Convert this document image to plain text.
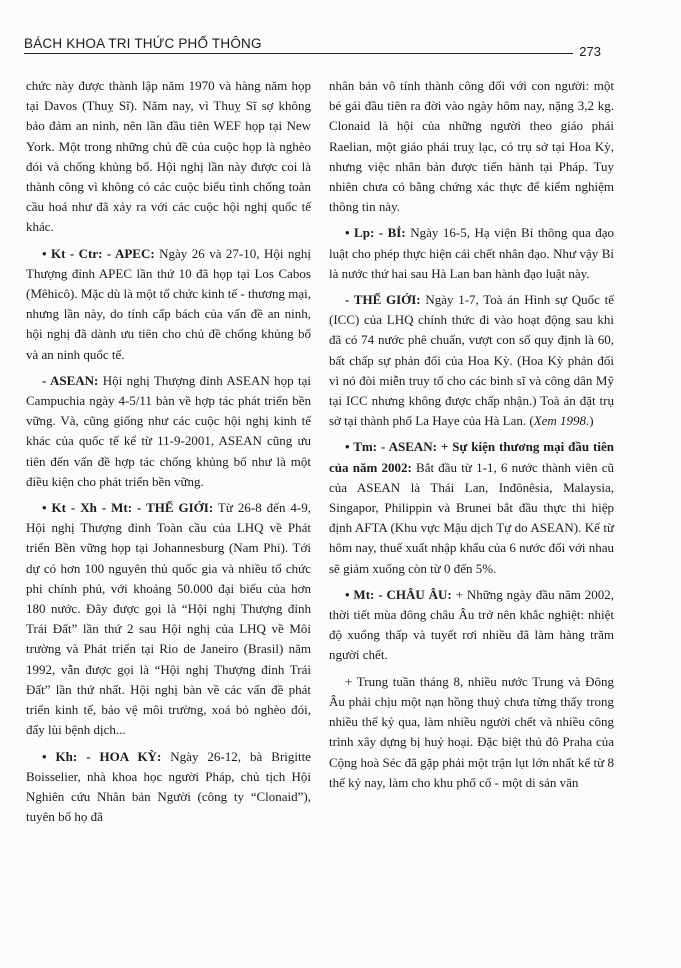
BÁCH KHOA TRI THỨC PHỔ THÔNG
273

chức này được thành lập năm 1970 và hàng năm họp tại Davos (Thuỵ Sĩ). Năm nay, vì Thuỵ Sĩ sợ không bảo đảm an ninh, nên lần đầu tiên WEF họp tại New York. Một trong những chủ đề của cuộc họp là nghèo đói và chống khủng bố. Hội nghị lần này được coi là thành công vì không có các cuộc biểu tình chống toàn cầu hoá như đã xảy ra với các cuộc hội nghị quốc tế khác.

• Kt - Ctr: - APEC: Ngày 26 và 27-10, Hội nghị Thượng đỉnh APEC lần thứ 10 đã họp tại Los Cabos (Mêhicô). Mặc dù là một tổ chức kinh tế - thương mại, nhưng lần này, do tính cấp bách của vấn đề an ninh, hội nghị đã dành ưu tiên cho chủ đề chống khủng bố và an ninh quốc tế.

- ASEAN: Hội nghị Thượng đỉnh ASEAN họp tại Campuchia ngày 4-5/11 bàn về hợp tác phát triển bền vững. Và, cũng giống như các cuộc hội nghị kinh tế khác của quốc tế kể từ 11-9-2001, ASEAN cũng ưu tiên đến vấn đề hợp tác chống khủng bố như là một điều kiện cho phát triển bền vững.

• Kt - Xh - Mt: - THẾ GIỚI: Từ 26-8 đến 4-9, Hội nghị Thượng đỉnh Toàn cầu của LHQ về Phát triển Bền vững họp tại Johannesburg (Nam Phi). Tới dự có hơn 100 nguyên thủ quốc gia và nhiều tổ chức phi chính phủ, với khoảng 50.000 đại biểu của hơn 180 nước. Đây được gọi là “Hội nghị Thượng đỉnh Trái Đất” lần thứ 2 sau Hội nghị của LHQ về Môi trường và Phát triển tại Rio de Janeiro (Brasil) năm 1992, vẫn được gọi là “Hội nghị Thượng đỉnh Trái Đất” lần thứ nhất. Hội nghị bàn về các vấn đề phát triển kinh tế, bảo vệ môi trường, xoá bỏ nghèo đói, đẩy lùi bệnh dịch...

• Kh: - HOA KỲ: Ngày 26-12, bà Brigitte Boisselier, nhà khoa học người Pháp, chủ tịch Hội Nghiên cứu Nhân bản Người (công ty “Clonaid”), tuyên bố họ đã

nhân bản vô tính thành công đối với con người: một bé gái đầu tiên ra đời vào ngày hôm nay, nặng 3,2 kg. Clonaid là hội của những người theo giáo phái Raelian, một giáo phái truỵ lạc, có trụ sở tại Hoa Kỳ, nhưng việc nhân bản được tiến hành tại Pháp. Tuy nhiên chưa có bằng chứng xác thực để kiểm nghiệm thông tin này.

• Lp: - BỈ: Ngày 16-5, Hạ viện Bỉ thông qua đạo luật cho phép thực hiện cái chết nhân đạo. Như vậy Bỉ là nước thứ hai sau Hà Lan ban hành đạo luật này.

- THẾ GIỚI: Ngày 1-7, Toà án Hình sự Quốc tế (ICC) của LHQ chính thức đi vào hoạt động sau khi đã có 74 nước phê chuẩn, vượt con số quy định là 60, bất chấp sự phản đối của Hoa Kỳ. (Hoa Kỳ phản đối vì nó đòi miễn truy tố cho các binh sĩ và công dân Mỹ tại ICC nhưng không được chấp nhận.) Toà án đặt trụ sở tại thành phố La Haye của Hà Lan. (Xem 1998.)

• Tm: - ASEAN: + Sự kiện thương mại đầu tiên của năm 2002: Bắt đầu từ 1-1, 6 nước thành viên cũ của ASEAN là Thái Lan, Inđônêsia, Malaysia, Singapor, Philippin và Brunei bắt đầu thực thi hiệp định AFTA (Khu vực Mậu dịch Tự do ASEAN). Kể từ hôm nay, thuế xuất nhập khẩu của 6 nước đối với nhau sẽ giảm xuống còn từ 0 đến 5%.

• Mt: - CHÂU ÂU: + Những ngày đầu năm 2002, thời tiết mùa đông châu Âu trở nên khắc nghiệt: nhiệt độ xuống thấp và tuyết rơi nhiều đã làm hàng trăm người chết.

+ Trung tuần tháng 8, nhiều nước Trung và Đông Âu phải chịu một nạn hồng thuỷ chưa từng thấy trong nhiều thế kỷ qua, làm nhiều người chết và nhiều công trình xây dựng bị huỷ hoại. Đặc biệt thủ đô Praha của Cộng hoà Séc đã gặp phải một trận lụt lớn nhất kể từ 8 thế kỷ nay, làm cho khu phố cổ - một di sản văn
